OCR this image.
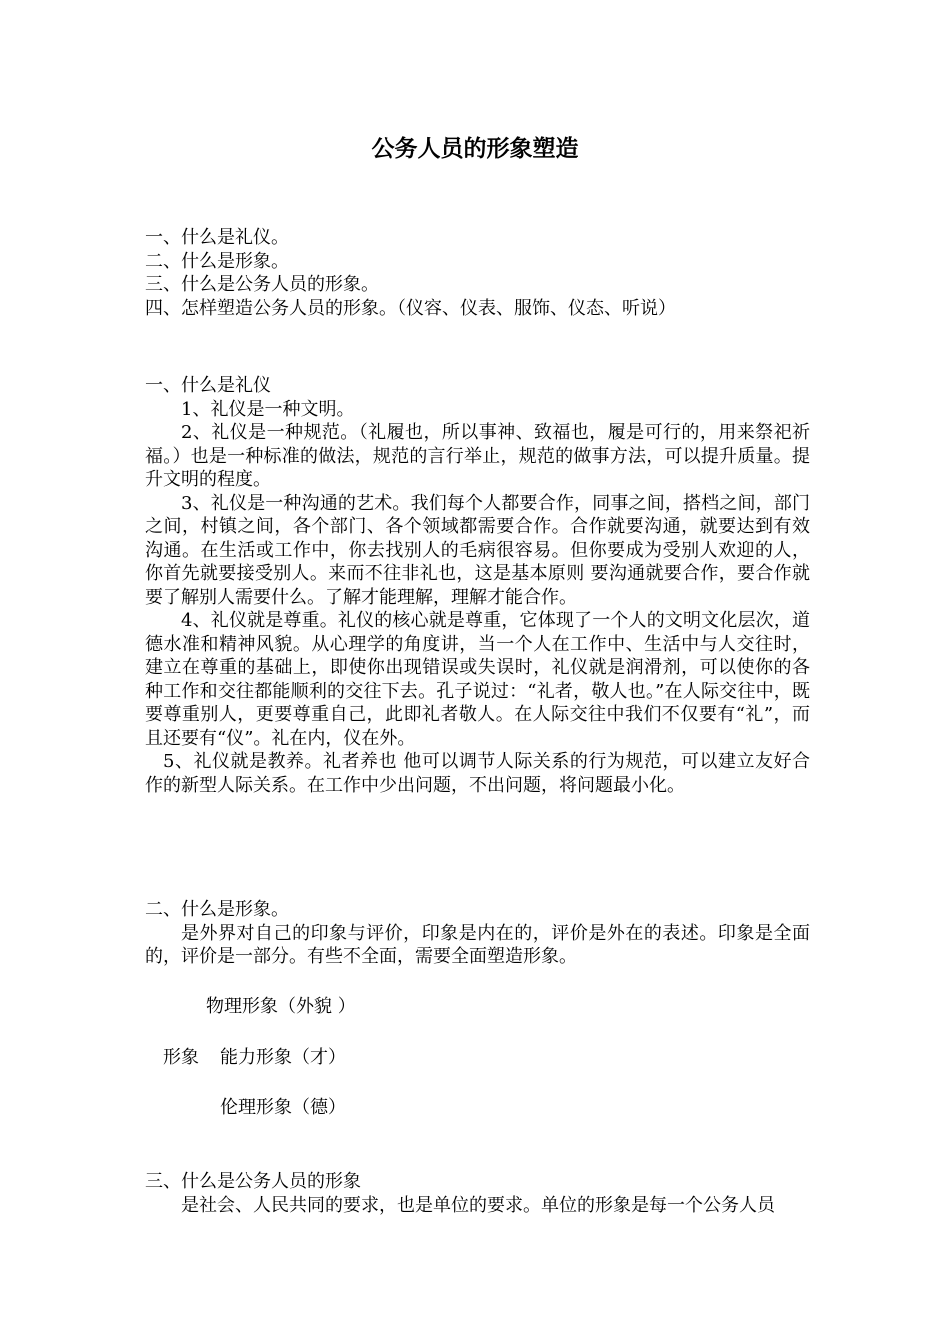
公务人员的形象塑造

一、什么是礼仪。

二、什么是形象。

三、什么是公务人员的形象。

四、怎样塑造公务人员的形象。（仪容、仪表、服饰、仪态、听说）

一、什么是礼仪

1、礼仪是一种文明。

2、礼仪是一种规范。（礼履也，所以事神、致福也，履是可行的，用来祭祀祈福。）也是一种标准的做法，规范的言行举止，规范的做事方法，可以提升质量。提升文明的程度。

3、礼仪是一种沟通的艺术。我们每个人都要合作，同事之间，搭档之间，部门之间，村镇之间，各个部门、各个领域都需要合作。合作就要沟通，就要达到有效沟通。在生活或工作中，你去找别人的毛病很容易。但你要成为受别人欢迎的人，你首先就要接受别人。来而不往非礼也，这是基本原则 要沟通就要合作，要合作就要了解别人需要什么。了解才能理解，理解才能合作。

4、礼仪就是尊重。礼仪的核心就是尊重，它体现了一个人的文明文化层次，道德水准和精神风貌。从心理学的角度讲，当一个人在工作中、生活中与人交往时，建立在尊重的基础上，即使你出现错误或失误时，礼仪就是润滑剂，可以使你的各种工作和交往都能顺利的交往下去。孔子说过：“礼者，敬人也。”在人际交往中，既要尊重别人，更要尊重自己，此即礼者敬人。在人际交往中我们不仅要有“礼”，而且还要有“仪”。礼在内，仪在外。

5、礼仪就是教养。礼者养也 他可以调节人际关系的行为规范，可以建立友好合作的新型人际关系。在工作中少出问题，不出问题，将问题最小化。

二、什么是形象。

是外界对自己的印象与评价，印象是内在的，评价是外在的表述。印象是全面的，评价是一部分。有些不全面，需要全面塑造形象。

物理形象（外貌 ）
形象 能力形象（才）
伦理形象（德）

三、什么是公务人员的形象

是社会、人民共同的要求，也是单位的要求。单位的形象是每一个公务人员
